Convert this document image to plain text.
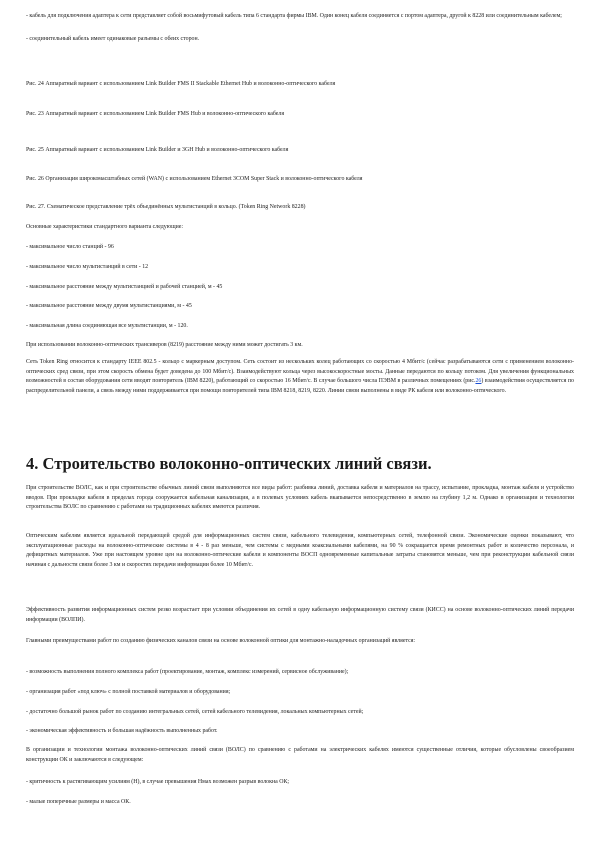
- кабель для подключения адаптера к сети представляет собой восьмифутовый кабель типа 6 стандарта фирмы IBM. Один конец кабеля соединяется с портом адаптера, другой к 8228 или соединительным кабелем;

- соединительный кабель имеет одинаковые разъемы с обеих сторон.

Рис. 24 Аппаратный вариант с использованием Link Builder FMS II Stackable Ethernet Hub и волоконно-оптического кабеля

Рис. 23 Аппаратный вариант с использованием Link Builder FMS Hub и волоконно-оптического кабеля

Рис. 25 Аппаратный вариант с использованием Link Builder и 3GH Hub и волоконно-оптического кабеля

Рис. 26 Организация широкомасштабных сетей (WAN) с использованием Ethernet 3COM Super Stack и волоконно-оптического кабеля

Рис. 27. Схематическое представление трёх объединённых мультистанций в кольцо. (Token Ring Network 8228)

Основные характеристики стандартного варианта следующие:

- максимальное число станций - 96

- максимальное число мультистанций в сети - 12

- максимальное расстояние между мультистанцией и рабочей станцией, м - 45

- максимальное расстояние между двумя мультистанциями, м - 45

- максимальная длина соединяющая все мультистанции, м - 120.

При использовании волоконно-оптических трансиверов (8219) расстояние между ними может достигать 3 км.

Сеть Token Ring относится к стандарту IEEE 802.5 - кольцо с маркерным доступом. Сеть состоит из нескольких колец работающих со скоростью 4 Мбит/с (сейчас разрабатываются сети с применением волоконно-оптических сред связи, при этом скорость обмена будет доведена до 100 Мбит/с). Взаимодействуют кольца через высокоскоростные мосты. Данные передаются по кольцу потоком. Для увеличения функциональных возможностей в состав оборудования сети вводят повторитель (IBM 8220), работающий со скоростью 16 Мбит/с. В случае большого числа ПЭВМ в различных помещениях (рис.26) взаимодействия осуществляется по распределительной панели, а связь между ними поддерживается при помощи повторителей типа IBM 8218, 8219, 8220. Линии связи выполнены в виде РК кабеля или волоконно-оптического.

4. Строительство волоконно-оптических линий связи.

При строительстве ВОЛС, как и при строительстве обычных линий связи выполняются все виды работ: разбивка линий, доставка кабеля и материалов на трассу, испытание, прокладка, монтаж кабеля и устройство вводов. При прокладке кабеля в пределах города сооружается кабельная канализация, а в полевых условиях кабель вкапывается непосредственно в землю на глубину 1,2 м. Однако в организации и технологии строительства ВОЛС по сравнению с работами на традиционных кабелях имеются различия.

Оптическим кабелям является идеальной передающей средой для информационных систем связи, кабельного телевидения, компьютерных сетей, телефонной связи. Экономические оценки показывают, что эксплуатационные расходы на волоконно-оптические системы в 4 - 8 раз меньше, чем системы с медными коаксиальными кабелями, на 90 % сокращается время ремонтных работ и количество персонала, и дефицитных материалов. Уже при настоящем уровне цен на волоконно-оптические кабели и компоненты ВОСП одновременные капитальные затраты становятся меньше, чем при реконструкции кабельной связи начиная с дальности связи более 3 км и скоростях передачи информации более 10 Мбит/с.

Эффективность развития информационных систем резко возрастает при условии объединения их сетей в одну кабельную информационную систему связи (КИСС) на основе волоконно-оптических линий передачи информации (ВОЛПИ).

Главными преимуществами работ по созданию физических каналов связи на основе волоконной оптики для монтажно-наладочных организаций является:

- возможность выполнения полного комплекса работ (проектирование, монтаж, комплекс измерений, сервисное обслуживание);

- организация работ «под ключ» с полной поставкой материалов и оборудования;

- достаточно большой рынок работ по созданию интегральных сетей, сетей кабельного телевидения, локальных компьютерных сетей;

- экономическая эффективность и большая надёжность выполненных работ.

В организации и технологии монтажа волоконно-оптических линий связи (ВОЛС) по сравнению с работами на электрических кабелях имеются существенные отличия, которые обусловлены своеобразием конструкции ОК и заключаются в следующем:

- критичность к растягивающим усилиям (Н), в случае превышения Нмах возможен разрыв волокна ОК;

- малые поперечные размеры и масса ОК.
